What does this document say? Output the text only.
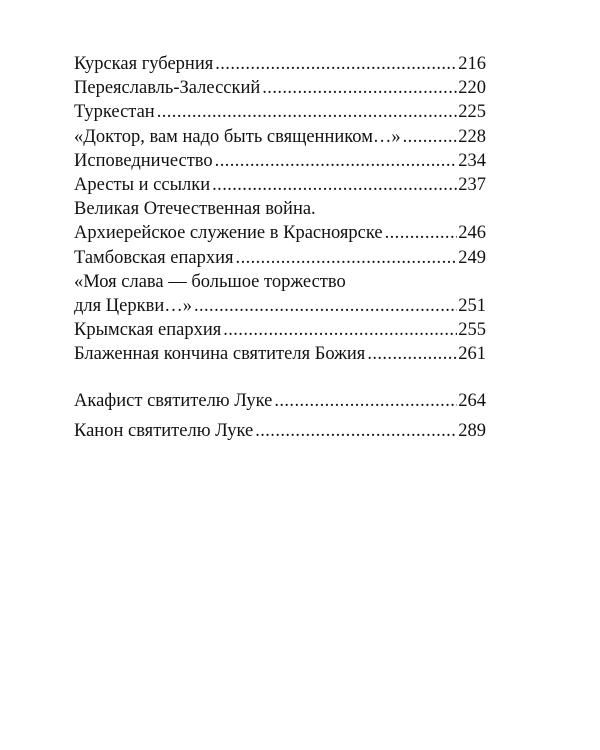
Курская губерния .....	216
Переяславль-Залесский .....	220
Туркестан .....	225
«Доктор, вам надо быть священником…» .....	228
Исповедничество .....	234
Аресты и ссылки .....	237
Великая Отечественная война.
Архиерейское служение в Красноярске .....	246
Тамбовская епархия .....	249
«Моя слава — большое торжество
для Церкви…» .....	251
Крымская епархия .....	255
Блаженная кончина святителя Божия .....	261
Акафист святителю Луке .....	264
Канон святителю Луке .....	289
